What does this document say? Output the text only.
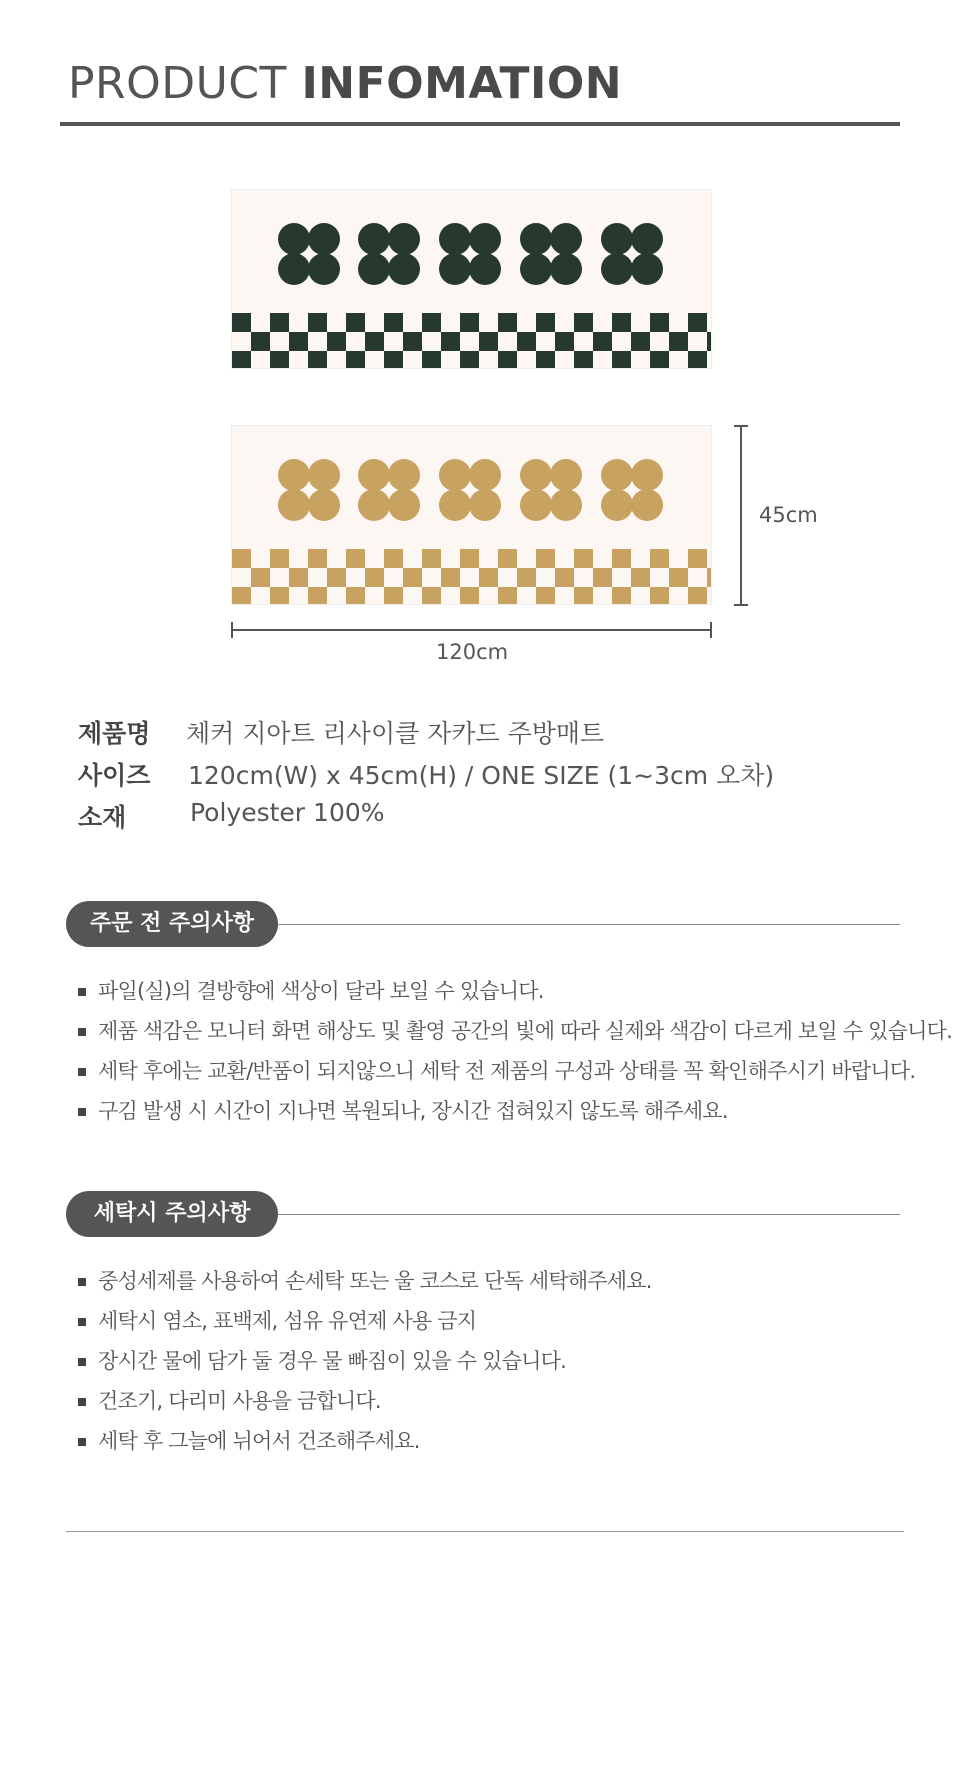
PRODUCT INFOMATION
45cm
120cm
제품명 체커 지아트 리사이클 자카드 주방매트
사이즈 120cm(W) x 45cm(H) / ONE SIZE (1~3cm 오차)
소재	Polyester 100%
주문 전 주의사항
파일(실)의 결방향에 색상이 달라 보일 수 있습니다.
제품 색감은 모니터 화면 해상도 및 촬영 공간의 빛에 따라 실제와 색감이 다르게 보일 수 있습니다.
세탁 후에는 교환/반품이 되지않으니 세탁 전 제품의 구성과 상태를 꼭 확인해주시기 바랍니다.
구김 발생 시 시간이 지나면 복원되나, 장시간 접혀있지 않도록 해주세요.
세탁시 주의사항
중성세제를 사용하여 손세탁 또는 울 코스로 단독 세탁해주세요.
세탁시 염소, 표백제, 섬유 유연제 사용 금지
장시간 물에 담가 둘 경우 물 빠짐이 있을 수 있습니다.
건조기, 다리미 사용을 금합니다.
세탁 후 그늘에 뉘어서 건조해주세요.
